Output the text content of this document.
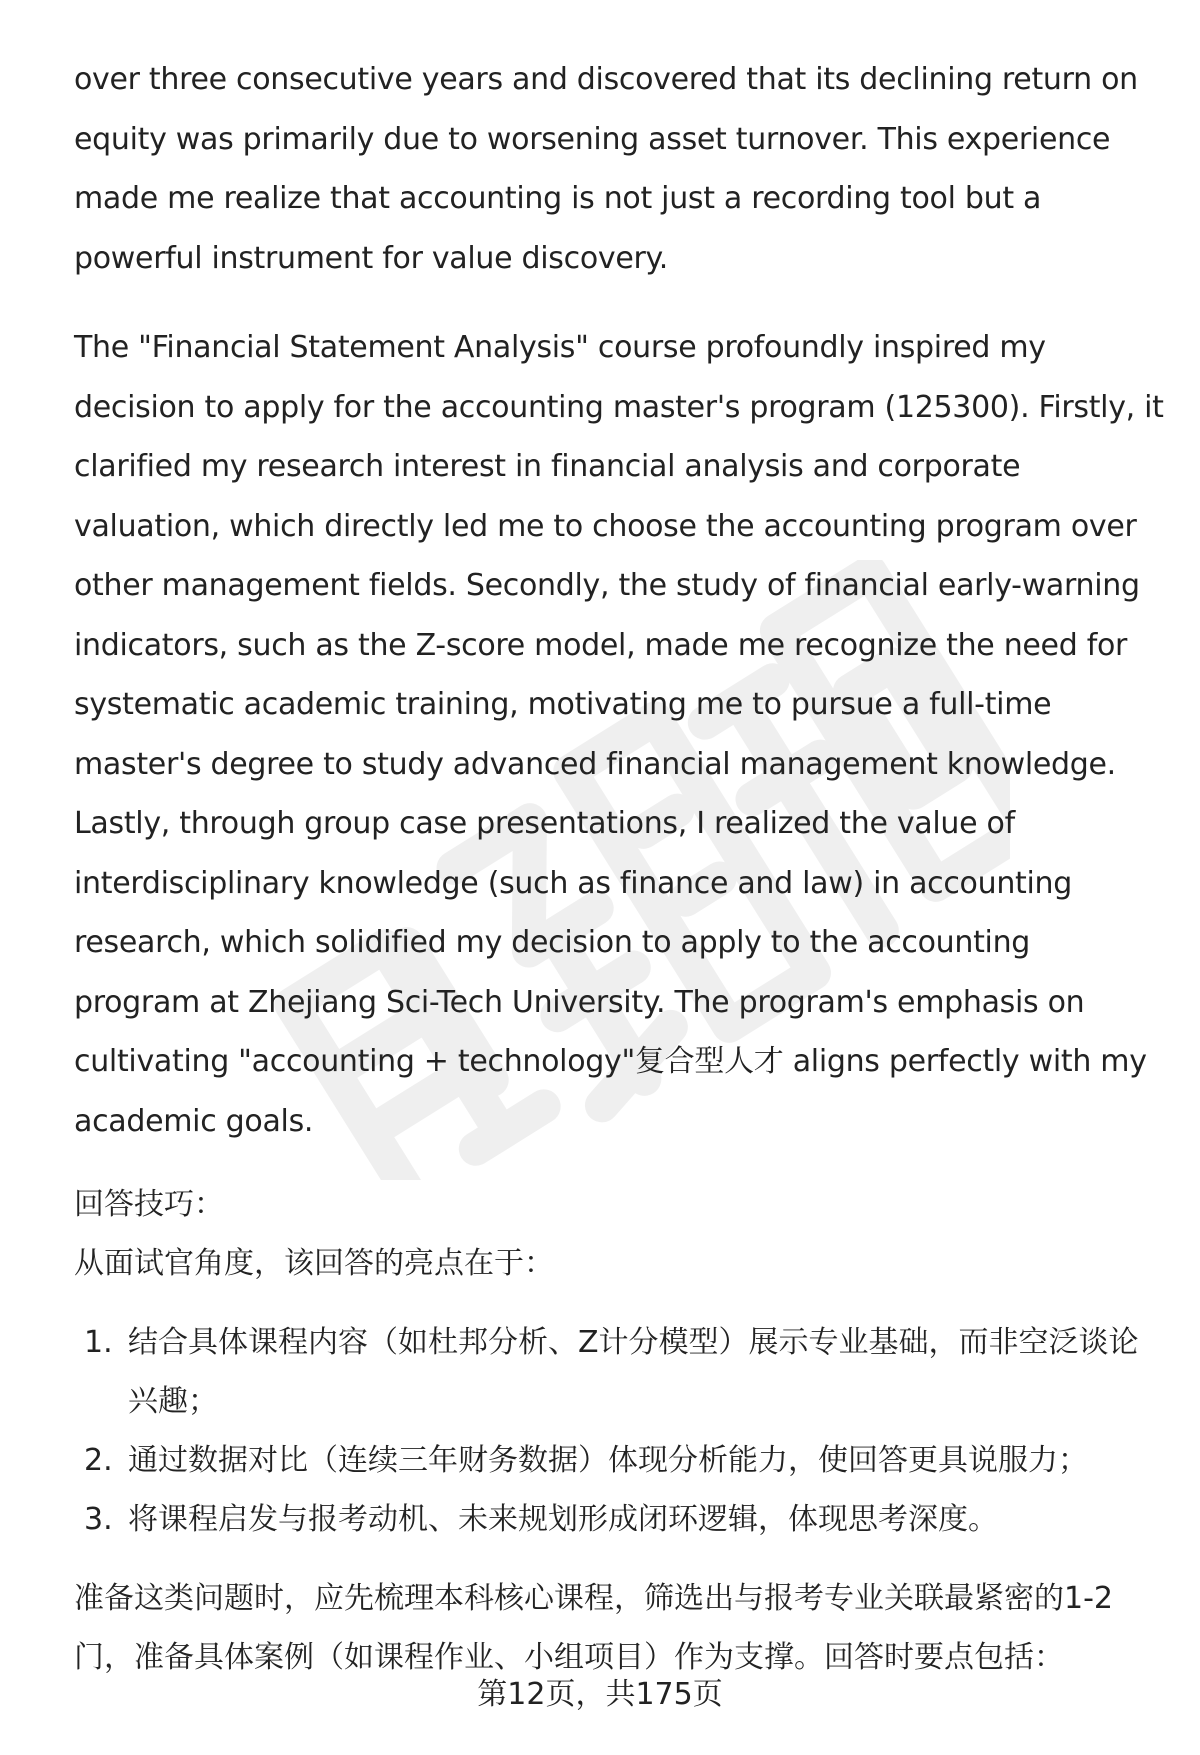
over three consecutive years and discovered that its declining return on equity was primarily due to worsening asset turnover. This experience made me realize that accounting is not just a recording tool but a powerful instrument for value discovery.

The "Financial Statement Analysis" course profoundly inspired my decision to apply for the accounting master's program (125300). Firstly, it clarified my research interest in financial analysis and corporate valuation, which directly led me to choose the accounting program over other management fields. Secondly, the study of financial early-warning indicators, such as the Z-score model, made me recognize the need for systematic academic training, motivating me to pursue a full-time master's degree to study advanced financial management knowledge. Lastly, through group case presentations, I realized the value of interdisciplinary knowledge (such as finance and law) in accounting research, which solidified my decision to apply to the accounting program at Zhejiang Sci-Tech University. The program's emphasis on cultivating "accounting + technology"复合型人才 aligns perfectly with my academic goals.

回答技巧：

从面试官角度，该回答的亮点在于：

1. 结合具体课程内容（如杜邦分析、Z计分模型）展示专业基础，而非空泛谈论兴趣；
2. 通过数据对比（连续三年财务数据）体现分析能力，使回答更具说服力；
3. 将课程启发与报考动机、未来规划形成闭环逻辑，体现思考深度。

准备这类问题时，应先梳理本科核心课程，筛选出与报考专业关联最紧密的1-2门，准备具体案例（如课程作业、小组项目）作为支撑。回答时要点包括：

第12页，共175页
